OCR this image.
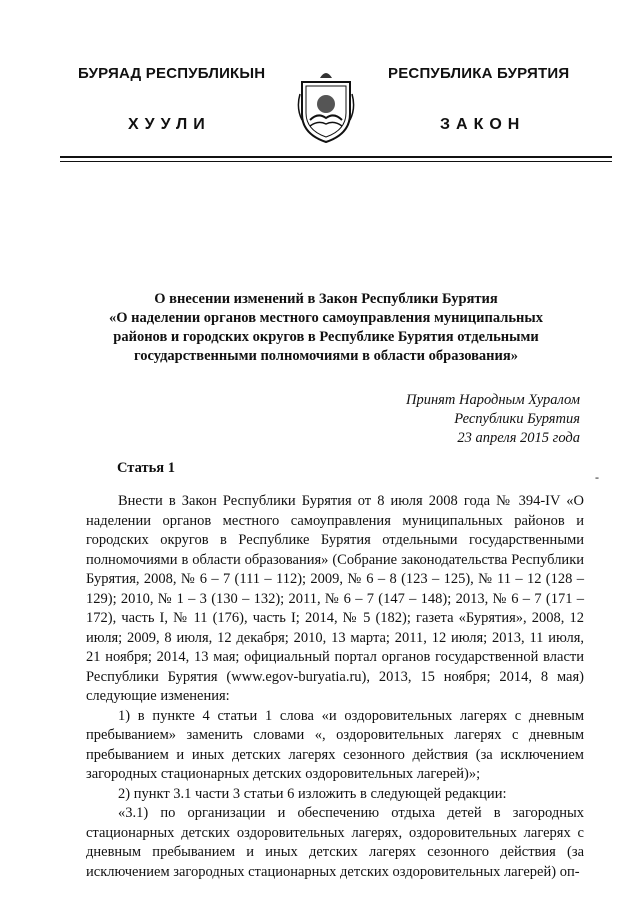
БУРЯАД РЕСПУБЛИКЫН
ХУУЛИ
РЕСПУБЛИКА БУРЯТИЯ
ЗАКОН
О внесении изменений в Закон Республики Бурятия
«О наделении органов местного самоуправления муниципальных
районов и городских округов в Республике Бурятия отдельными
государственными полномочиями в области образования»
Принят Народным Хуралом
Республики Бурятия
23 апреля 2015 года
Статья 1
-

Внести в Закон Республики Бурятия от 8 июля 2008 года № 394-IV «О наделении органов местного самоуправления муниципальных районов и городских округов в Республике Бурятия отдельными государственными полномочиями в области образования» (Собрание законодательства Республики Бурятия, 2008, № 6 – 7 (111 – 112); 2009, № 6 – 8 (123 – 125), № 11 – 12 (128 – 129); 2010, № 1 – 3 (130 – 132); 2011, № 6 – 7 (147 – 148); 2013, № 6 – 7 (171 – 172), часть I, № 11 (176), часть I; 2014, № 5 (182); газета «Бурятия», 2008, 12 июля; 2009, 8 июля, 12 декабря; 2010, 13 марта; 2011, 12 июля; 2013, 11 июля, 21 ноября; 2014, 13 мая; официальный портал органов государственной власти Республики Бурятия (www.egov-buryatia.ru), 2013, 15 ноября; 2014, 8 мая) следующие изменения:

1) в пункте 4 статьи 1 слова «и оздоровительных лагерях с дневным пребыванием» заменить словами «, оздоровительных лагерях с дневным пребыванием и иных детских лагерях сезонного действия (за исключением загородных стационарных детских оздоровительных лагерей)»;

2) пункт 3.1 части 3 статьи 6 изложить в следующей редакции:

«3.1) по организации и обеспечению отдыха детей в загородных стационарных детских оздоровительных лагерях, оздоровительных лагерях с дневным пребыванием и иных детских лагерях сезонного действия (за исключением загородных стационарных детских оздоровительных лагерей) оп-
